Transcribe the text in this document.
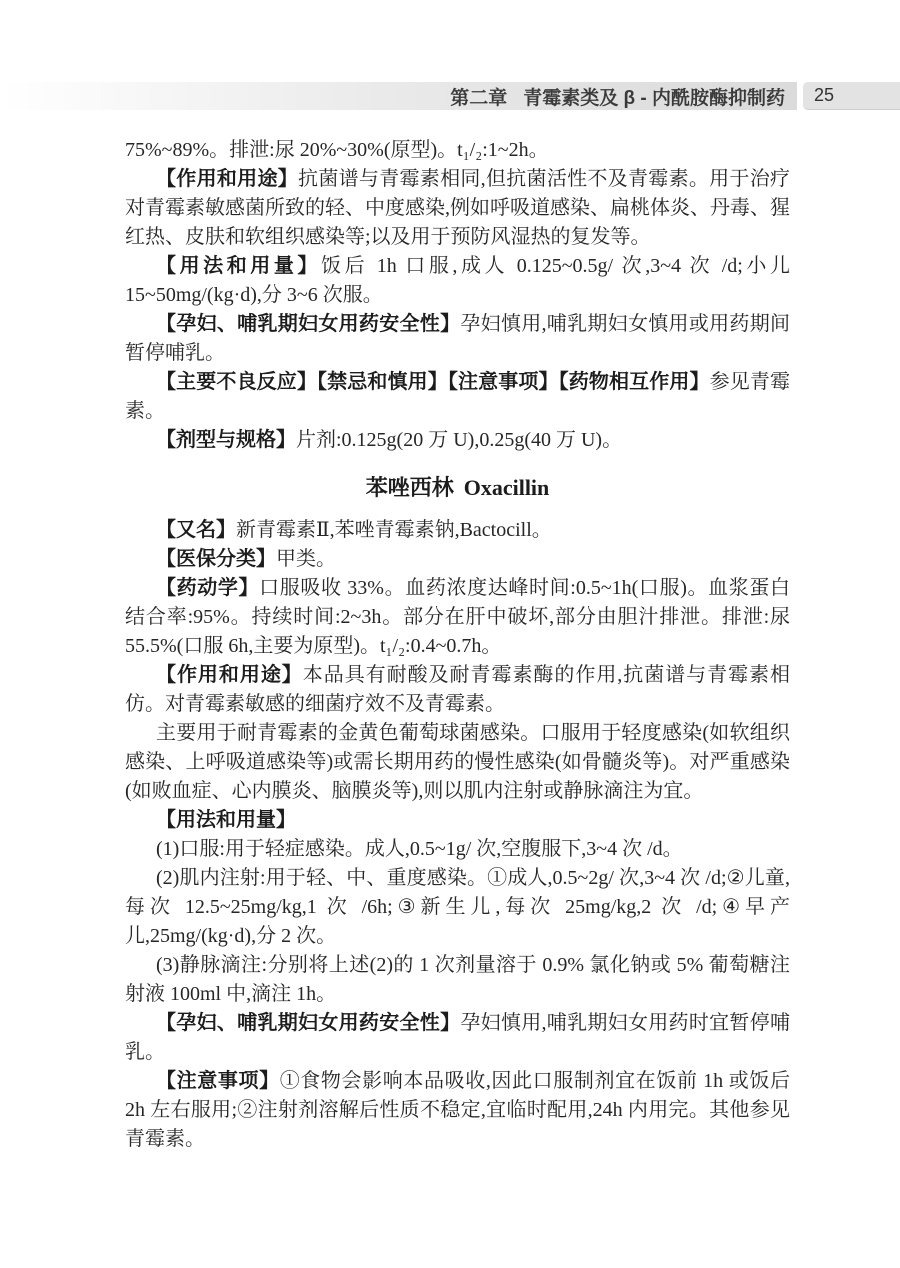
第二章 青霉素类及 β - 内酰胺酶抑制药 25

75%~89%。排泄:尿 20%~30%(原型)。t₁/₂:1~2h。

【作用和用途】抗菌谱与青霉素相同,但抗菌活性不及青霉素。用于治疗对青霉素敏感菌所致的轻、中度感染,例如呼吸道感染、扁桃体炎、丹毒、猩红热、皮肤和软组织感染等;以及用于预防风湿热的复发等。

【用法和用量】饭后 1h 口服,成人 0.125~0.5g/ 次,3~4 次 /d;小儿 15~50mg/(kg·d),分 3~6 次服。

【孕妇、哺乳期妇女用药安全性】孕妇慎用,哺乳期妇女慎用或用药期间暂停哺乳。

【主要不良反应】【禁忌和慎用】【注意事项】【药物相互作用】参见青霉素。

【剂型与规格】片剂:0.125g(20 万 U),0.25g(40 万 U)。

苯唑西林 Oxacillin

【又名】新青霉素Ⅱ,苯唑青霉素钠,Bactocill。

【医保分类】甲类。

【药动学】口服吸收 33%。血药浓度达峰时间:0.5~1h(口服)。血浆蛋白结合率:95%。持续时间:2~3h。部分在肝中破坏,部分由胆汁排泄。排泄:尿 55.5%(口服 6h,主要为原型)。t₁/₂:0.4~0.7h。

【作用和用途】本品具有耐酸及耐青霉素酶的作用,抗菌谱与青霉素相仿。对青霉素敏感的细菌疗效不及青霉素。

主要用于耐青霉素的金黄色葡萄球菌感染。口服用于轻度感染(如软组织感染、上呼吸道感染等)或需长期用药的慢性感染(如骨髓炎等)。对严重感染(如败血症、心内膜炎、脑膜炎等),则以肌内注射或静脉滴注为宜。

【用法和用量】

(1)口服:用于轻症感染。成人,0.5~1g/ 次,空腹服下,3~4 次 /d。

(2)肌内注射:用于轻、中、重度感染。①成人,0.5~2g/ 次,3~4 次 /d;②儿童,每次 12.5~25mg/kg,1 次 /6h;③新生儿,每次 25mg/kg,2 次 /d;④早产儿,25mg/(kg·d),分 2 次。

(3)静脉滴注:分别将上述(2)的 1 次剂量溶于 0.9% 氯化钠或 5% 葡萄糖注射液 100ml 中,滴注 1h。

【孕妇、哺乳期妇女用药安全性】孕妇慎用,哺乳期妇女用药时宜暂停哺乳。

【注意事项】①食物会影响本品吸收,因此口服制剂宜在饭前 1h 或饭后 2h 左右服用;②注射剂溶解后性质不稳定,宜临时配用,24h 内用完。其他参见青霉素。
